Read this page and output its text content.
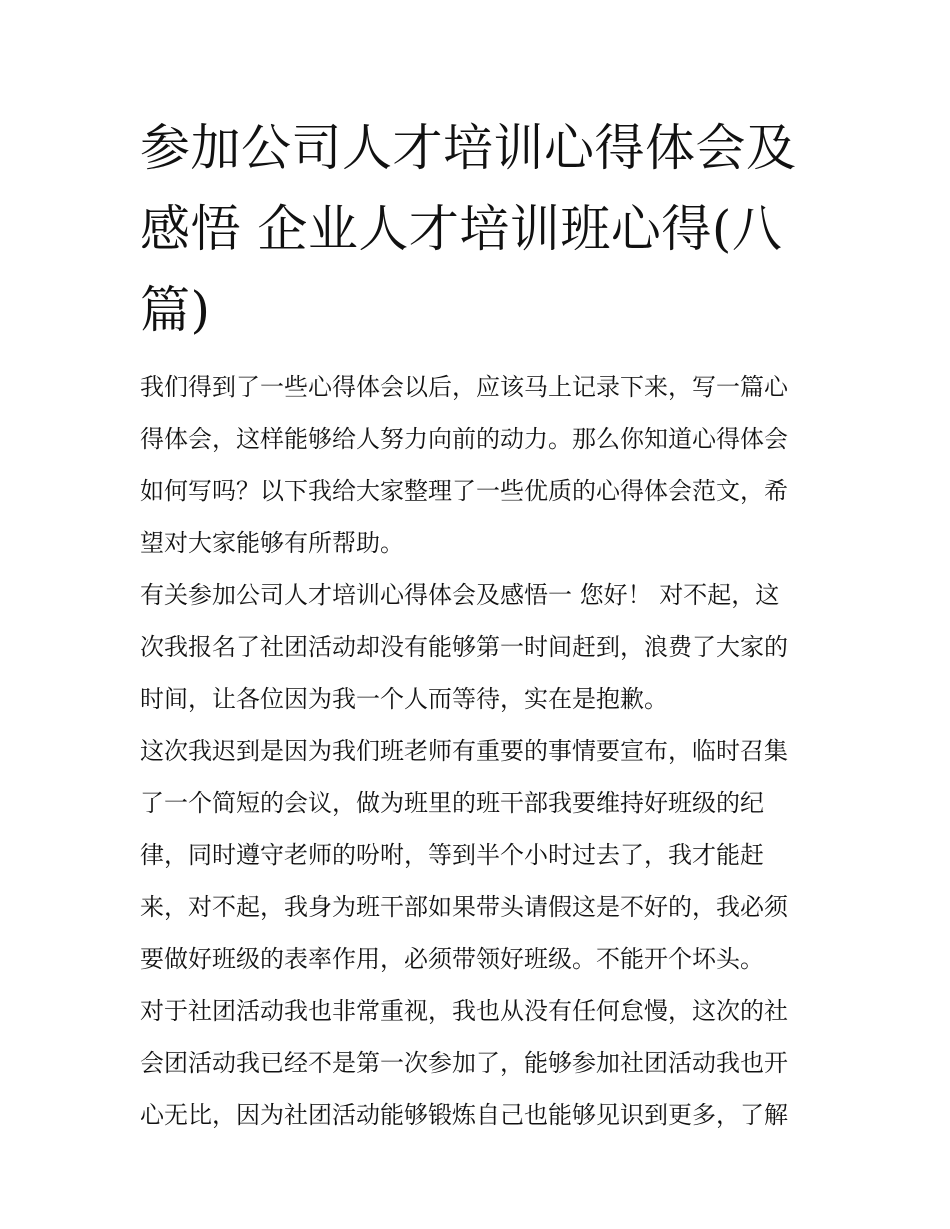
参加公司人才培训心得体会及
感悟 企业人才培训班心得(八
篇)

我们得到了一些心得体会以后，应该马上记录下来，写一篇心
得体会，这样能够给人努力向前的动力。那么你知道心得体会
如何写吗？以下我给大家整理了一些优质的心得体会范文，希
望对大家能够有所帮助。

有关参加公司人才培训心得体会及感悟一 您好！ 对不起，这
次我报名了社团活动却没有能够第一时间赶到，浪费了大家的
时间，让各位因为我一个人而等待，实在是抱歉。

这次我迟到是因为我们班老师有重要的事情要宣布，临时召集
了一个简短的会议，做为班里的班干部我要维持好班级的纪
律，同时遵守老师的吩咐，等到半个小时过去了，我才能赶
来，对不起，我身为班干部如果带头请假这是不好的，我必须
要做好班级的表率作用，必须带领好班级。不能开个坏头。

对于社团活动我也非常重视，我也从没有任何怠慢，这次的社
会团活动我已经不是第一次参加了，能够参加社团活动我也开
心无比，因为社团活动能够锻炼自己也能够见识到更多，了解
